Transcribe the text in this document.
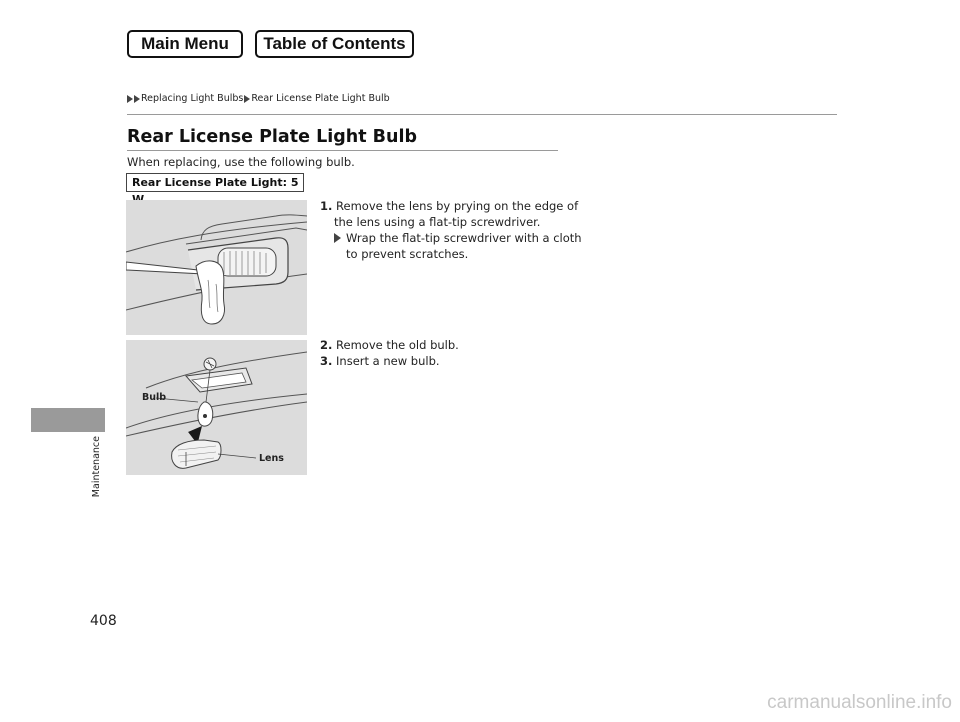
Main Menu	Table of Contents
Replacing Light Bulbs Rear License Plate Light Bulb
Rear License Plate Light Bulb
When replacing, use the following bulb.
Rear License Plate Light: 5
Bulb
Lens
1. Remove the lens by prying on the edge of
the lens using a flat-tip screwdriver.
Wrap the flat-tip screwdriver with a cloth
to prevent scratches.
2. Remove the old bulb.
3. Insert a new bulb.
Maintenance
408
carmanualsonline.info
